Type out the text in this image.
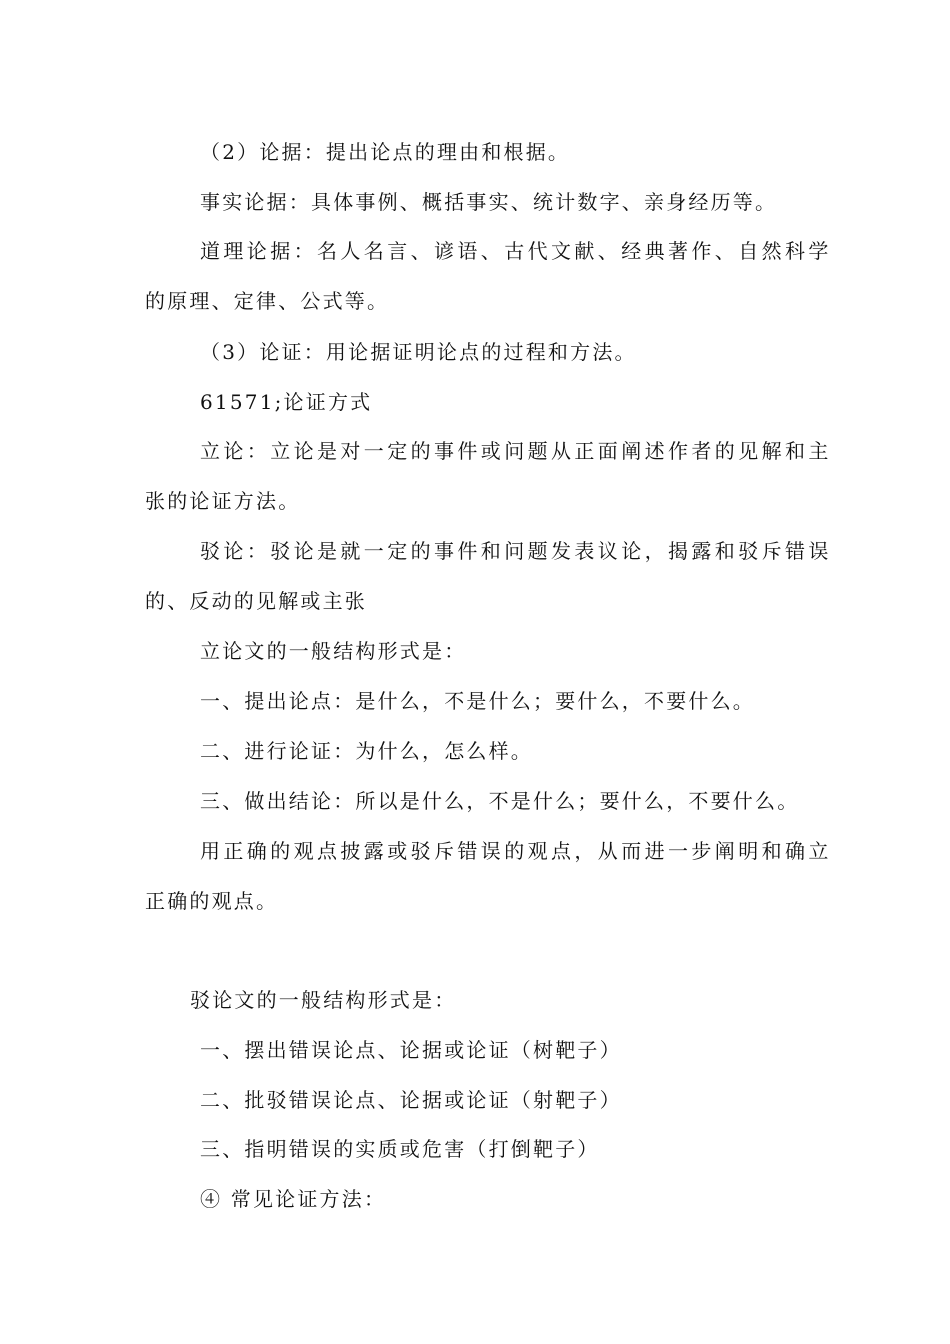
（2）论据：提出论点的理由和根据。
事实论据：具体事例、概括事实、统计数字、亲身经历等。
道理论据：名人名言、谚语、古代文献、经典著作、自然科学
的原理、定律、公式等。
（3）论证：用论据证明论点的过程和方法。
61571;论证方式
立论：立论是对一定的事件或问题从正面阐述作者的见解和主
张的论证方法。
驳论：驳论是就一定的事件和问题发表议论，揭露和驳斥错误
的、反动的见解或主张
立论文的一般结构形式是：
一、提出论点：是什么，不是什么；要什么，不要什么。
二、进行论证：为什么，怎么样。
三、做出结论：所以是什么，不是什么；要什么，不要什么。
用正确的观点披露或驳斥错误的观点，从而进一步阐明和确立
正确的观点。
驳论文的一般结构形式是：
一、摆出错误论点、论据或论证（树靶子）
二、批驳错误论点、论据或论证（射靶子）
三、指明错误的实质或危害（打倒靶子）
④ 常见论证方法：
